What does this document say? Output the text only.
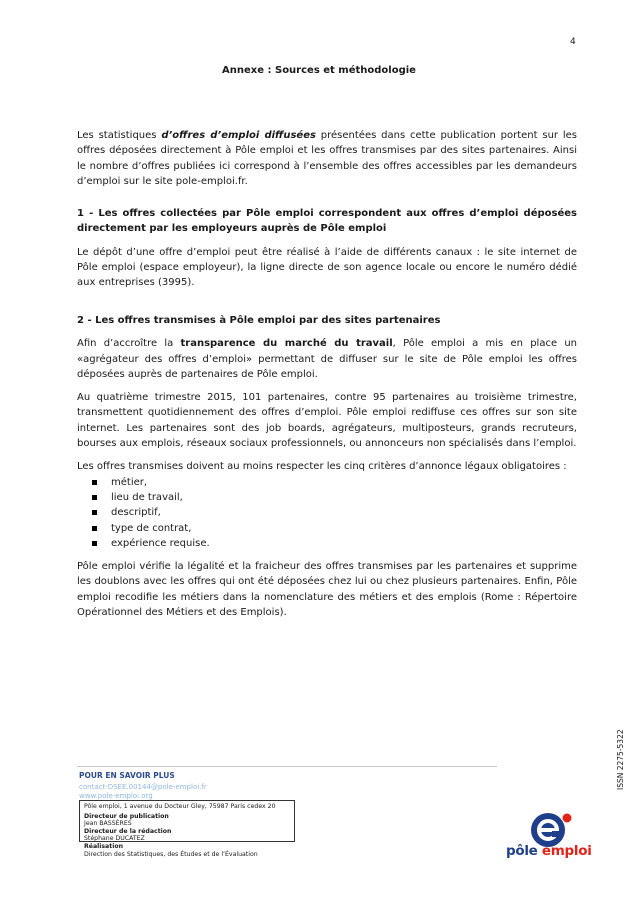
4
Annexe : Sources et méthodologie

Les statistiques d’offres d’emploi diffusées présentées dans cette publication portent sur les offres déposées directement à Pôle emploi et les offres transmises par des sites partenaires. Ainsi le nombre d’offres publiées ici correspond à l’ensemble des offres accessibles par les demandeurs d’emploi sur le site pole-emploi.fr.

1 - Les offres collectées par Pôle emploi correspondent aux offres d’emploi déposées directement par les employeurs auprès de Pôle emploi

Le dépôt d’une offre d’emploi peut être réalisé à l’aide de différents canaux : le site internet de Pôle emploi (espace employeur), la ligne directe de son agence locale ou encore le numéro dédié aux entreprises (3995).

2 - Les offres transmises à Pôle emploi par des sites partenaires

Afin d’accroître la transparence du marché du travail, Pôle emploi a mis en place un «agrégateur des offres d’emploi» permettant de diffuser sur le site de Pôle emploi les offres déposées auprès de partenaires de Pôle emploi.

Au quatrième trimestre 2015, 101 partenaires, contre 95 partenaires au troisième trimestre, transmettent quotidiennement des offres d’emploi. Pôle emploi rediffuse ces offres sur son site internet. Les partenaires sont des job boards, agrégateurs, multiposteurs, grands recruteurs, bourses aux emplois, réseaux sociaux professionnels, ou annonceurs non spécialisés dans l’emploi.

Les offres transmises doivent au moins respecter les cinq critères d’annonce légaux obligatoires :

métier,
lieu de travail,
descriptif,
type de contrat,
expérience requise.

Pôle emploi vérifie la légalité et la fraicheur des offres transmises par les partenaires et supprime les doublons avec les offres qui ont été déposées chez lui ou chez plusieurs partenaires. Enfin, Pôle emploi recodifie les métiers dans la nomenclature des métiers et des emplois (Rome : Répertoire Opérationnel des Métiers et des Emplois).

ISSN 2275-5322
POUR EN SAVOIR PLUS
contact-DSEE.00144@pole-emploi.fr
www.pole-emploi.org
Pôle emploi, 1 avenue du Docteur Gley, 75987 Paris cedex 20
Directeur de publication
Jean BASSÈRES
Directeur de la rédaction
Stéphane DUCATEZ
Réalisation
Direction des Statistiques, des Études et de l’Évaluation	pôle emploi
